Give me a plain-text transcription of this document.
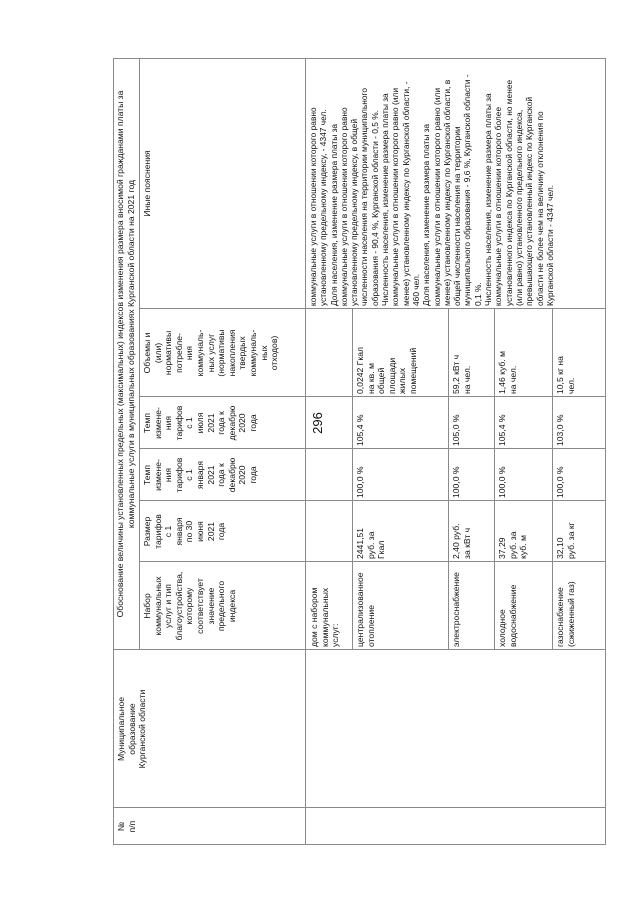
296
№
п/п
Муниципальное
образование
Курганской области
Обоснование величины установленных предельных (максимальных) индексов изменения размера вносимой гражданами платы за коммунальные услуги в муниципальных образованиях Курганской области на 2021 год
Набор
коммунальных
услуг и тип
благоустройства,
которому
соответствует
значение
предельного
индекса
Размер
тарифов
с 1
января
по 30
июня
2021
года
Темп
измене-
ния
тарифов
с 1
января
2021
года к
dекабрю
2020
года
Темп
измене-
ния
тарифов
с 1
июля
2021
года к
декабрю
2020
года
Объемы и
(или)
нормативы
потребле-
ния
коммуналь-
ных услуг
(нормативы
накопления
твердых
коммуналь-
ных
отходов)
Иные пояснения
дом с набором
коммунальных
услуг:	централизованное
отопление
2441,51
руб. за
Гкал
100,0 %
105,4 %
0,0242 Гкал
на кв. м
общей
площади
жилых
помещений
электроснабжение
2,40 руб.
за кВт ч
100,0 %
105,0 %
59,2 кВт ч
на чел.
холодное
водоснабжение
37,29
руб. за
куб. м
100,0 %
105,4 %
1,46 куб. м
на чел.
газоснабжение
(сжиженный газ)
32,10
руб. за кг
100,0 %
103,0 %
10,5 кг на
чел.
коммунальные услуги в отношении которого равно
установленному предельному индексу, - 4347 чел.
Доля населения, изменение размера платы за
коммунальные услуги в отношении которого равно
установленному предельному индексу, в общей
численности населения на территории муниципального
образования - 90,4 %, Курганской области - 0,5 %.
Численность населения, изменение размера платы за
коммунальные услуги в отношении которого равно (или
менее) установленному индексу по Курганской области, -
460 чел.
Доля населения, изменение размера платы за
коммунальные услуги в отношении которого равно (или
менее) установленному индексу по Курганской области, в
общей численности населения на территории
муниципального образования - 9,6 %, Курганской области -
0,1 %.
Численность населения, изменение размера платы за
коммунальные услуги в отношении которого более
установленного индекса по Курганской области, но менее
(или равно) установленного предельного индекса,
превышающего установленный индекс по Курганской
области не более чем на величину отклонения по
Курганской области - 4347 чел.
